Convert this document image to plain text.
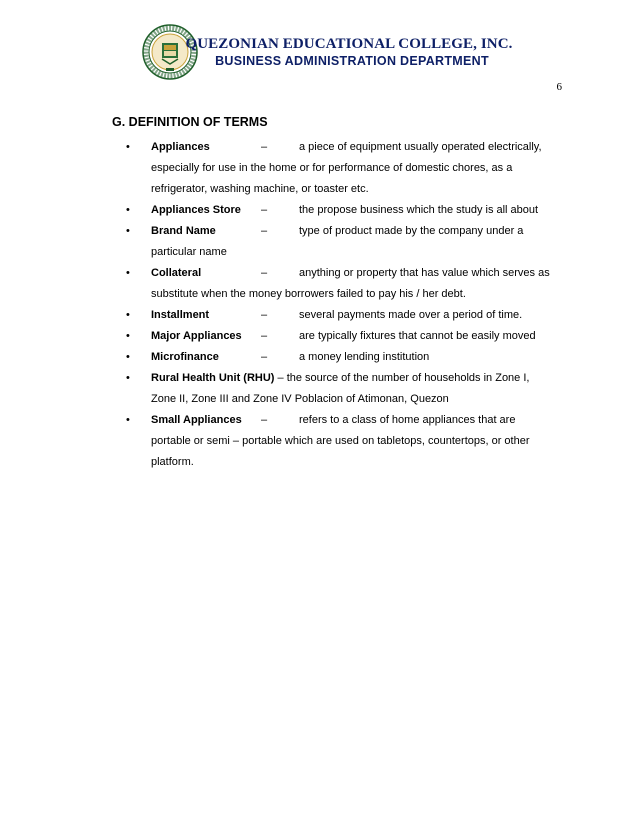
QUEZONIAN EDUCATIONAL COLLEGE, INC.
BUSINESS ADMINISTRATION DEPARTMENT
6
G. DEFINITION OF TERMS
•	Appliances	–	a piece of equipment usually operated electrically,
especially for use in the home or for performance of domestic chores, as a
refrigerator, washing machine, or toaster etc.
•	Appliances Store –	the propose business which the study is all about
•	Brand Name	–	type of product made by the company under a
particular name
•	Collateral	–	anything or property that has value which serves as
substitute when the money borrowers failed to pay his / her debt.
•	Installment	–	several payments made over a period of time.
•	Major Appliances –	are typically fixtures that cannot be easily moved
•	Microfinance	–	a money lending institution
•	Rural Health Unit (RHU) – the source of the number of households in Zone I,
Zone II, Zone III and Zone IV Poblacion of Atimonan, Quezon
•	Small Appliances –	refers to a class of home appliances that are
portable or semi – portable which are used on tabletops, countertops, or other
platform.
